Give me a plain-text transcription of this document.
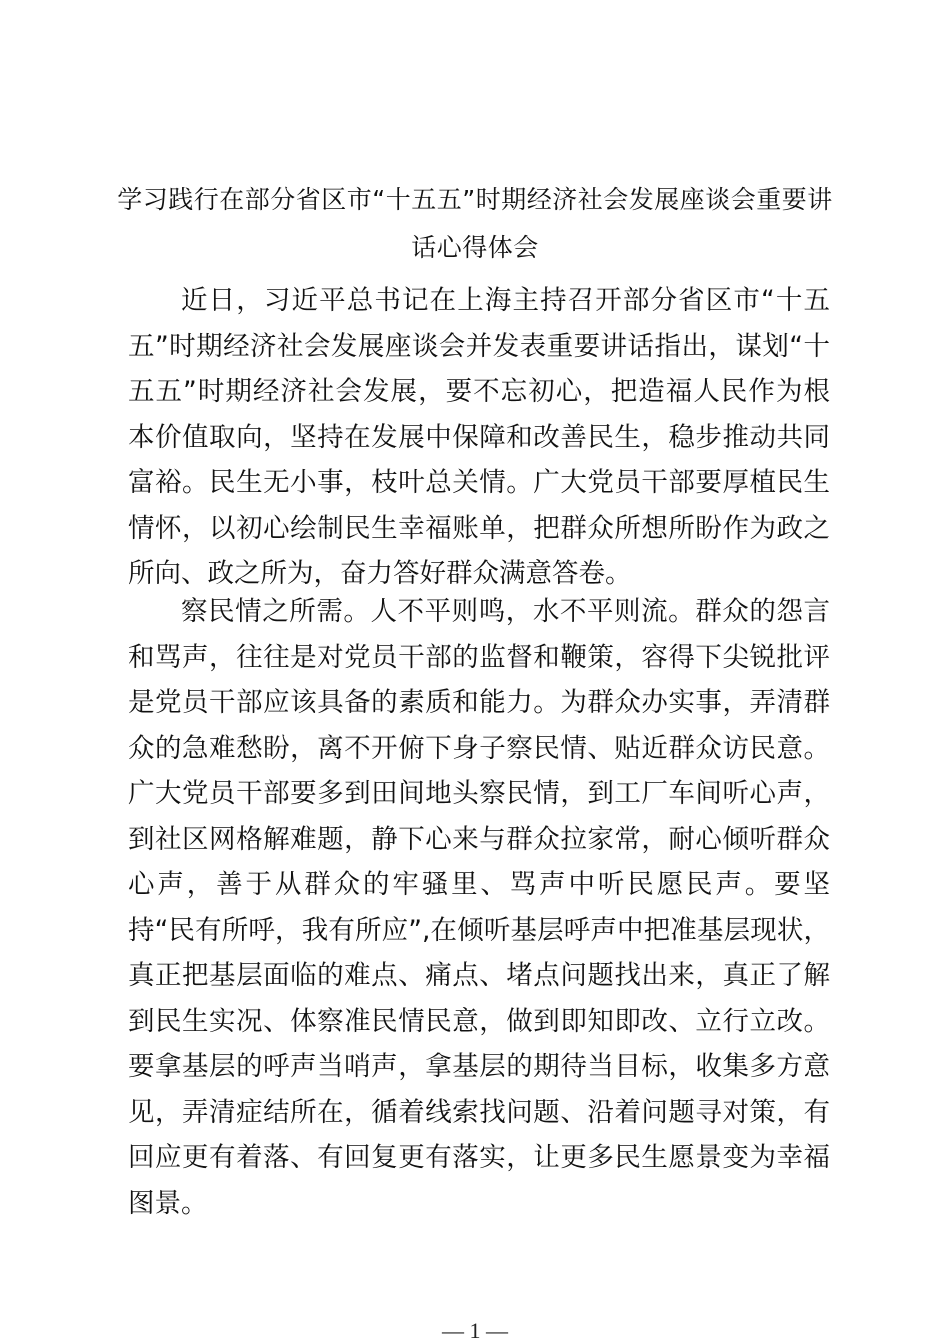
学习践行在部分省区市“十五五”时期经济社会发展座谈会重要讲话心得体会

近日，习近平总书记在上海主持召开部分省区市“十五五”时期经济社会发展座谈会并发表重要讲话指出，谋划“十五五”时期经济社会发展，要不忘初心，把造福人民作为根本价值取向，坚持在发展中保障和改善民生，稳步推动共同富裕。民生无小事，枝叶总关情。广大党员干部要厚植民生情怀，以初心绘制民生幸福账单，把群众所想所盼作为政之所向、政之所为，奋力答好群众满意答卷。

察民情之所需。人不平则鸣，水不平则流。群众的怨言和骂声，往往是对党员干部的监督和鞭策，容得下尖锐批评是党员干部应该具备的素质和能力。为群众办实事，弄清群众的急难愁盼，离不开俯下身子察民情、贴近群众访民意。广大党员干部要多到田间地头察民情，到工厂车间听心声，到社区网格解难题，静下心来与群众拉家常，耐心倾听群众心声，善于从群众的牢骚里、骂声中听民愿民声。要坚持“民有所呼，我有所应”,在倾听基层呼声中把准基层现状，真正把基层面临的难点、痛点、堵点问题找出来，真正了解到民生实况、体察准民情民意，做到即知即改、立行立改。要拿基层的呼声当哨声，拿基层的期待当目标，收集多方意见，弄清症结所在，循着线索找问题、沿着问题寻对策，有回应更有着落、有回复更有落实，让更多民生愿景变为幸福图景。

— 1 —
